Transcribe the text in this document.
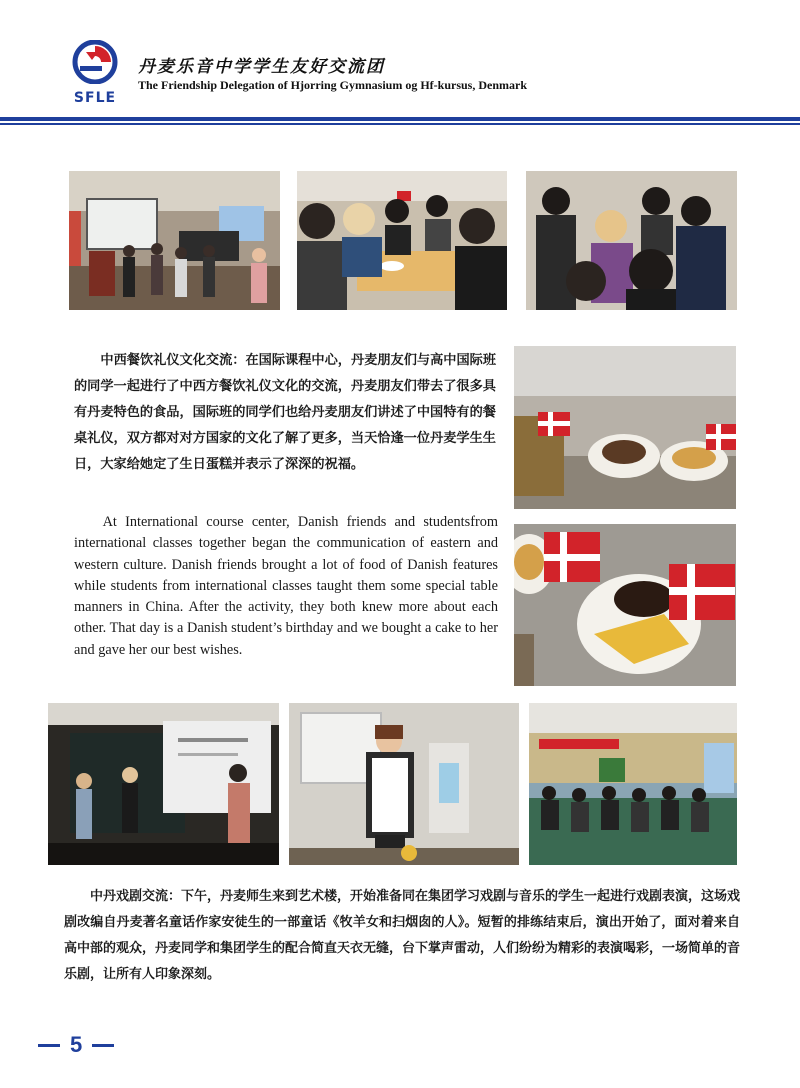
SFLE
丹麦乐音中学学生友好交流团
The Friendship Delegation of Hjorring Gymnasium og Hf-kursus, Denmark
中西餐饮礼仪文化交流：在国际课程中心，丹麦朋友们与高中国际班的同学一起进行了中西方餐饮礼仪文化的交流，丹麦朋友们带去了很多具有丹麦特色的食品，国际班的同学们也给丹麦朋友们讲述了中国特有的餐桌礼仪，双方都对对方国家的文化了解了更多，当天恰逢一位丹麦学生生日，大家给她定了生日蛋糕并表示了深深的祝福。
At International course center, Danish friends and studentsfrom international classes together began the communication of eastern and western culture. Danish friends brought a lot of food of Danish features while students from international classes taught them some special table manners in China. After the activity, they both knew more about each other. That day is a Danish student’s birthday and we bought a cake to her and gave her our best wishes.
中丹戏剧交流：下午，丹麦师生来到艺术楼，开始准备同在集团学习戏剧与音乐的学生一起进行戏剧表演，这场戏剧改编自丹麦著名童话作家安徒生的一部童话《牧羊女和扫烟囱的人》。短暂的排练结束后，演出开始了，面对着来自高中部的观众，丹麦同学和集团学生的配合简直天衣无缝，台下掌声雷动，人们纷纷为精彩的表演喝彩，一场简单的音乐剧，让所有人印象深刻。
5
